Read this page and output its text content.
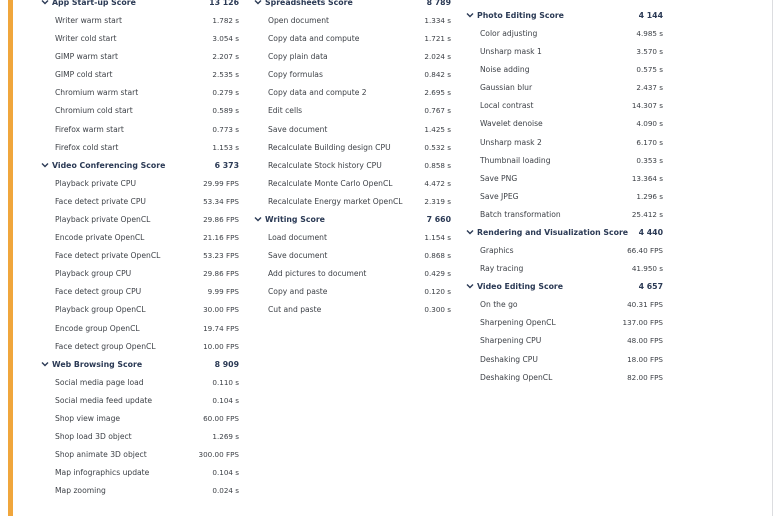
App Start-up Score	13 126
Writer warm start	1.782 s
Writer cold start	3.054 s
GIMP warm start	2.207 s
GIMP cold start	2.535 s
Chromium warm start	0.279 s
Chromium cold start	0.589 s
Firefox warm start	0.773 s
Firefox cold start	1.153 s
Video Conferencing Score	6 373
Playback private CPU	29.99 FPS
Face detect private CPU	53.34 FPS
Playback private OpenCL	29.86 FPS
Encode private OpenCL	21.16 FPS
Face detect private OpenCL	53.23 FPS
Playback group CPU	29.86 FPS
Face detect group CPU	9.99 FPS
Playback group OpenCL	30.00 FPS
Encode group OpenCL	19.74 FPS
Face detect group OpenCL	10.00 FPS
Web Browsing Score	8 909
Social media page load	0.110 s
Social media feed update	0.104 s
Shop view image	60.00 FPS
Shop load 3D object	1.269 s
Shop animate 3D object	300.00 FPS
Map infographics update	0.104 s
Map zooming	0.024 s
Spreadsheets Score	8 789
Open document	1.334 s
Copy data and compute	1.721 s
Copy plain data	2.024 s
Copy formulas	0.842 s
Copy data and compute 2	2.695 s
Edit cells	0.767 s
Save document	1.425 s
Recalculate Building design CPU	0.532 s
Recalculate Stock history CPU	0.858 s
Recalculate Monte Carlo OpenCL	4.472 s
Recalculate Energy market OpenCL	2.319 s
Writing Score	7 660
Load document	1.154 s
Save document	0.868 s
Add pictures to document	0.429 s
Copy and paste	0.120 s
Cut and paste	0.300 s
Photo Editing Score	4 144
Color adjusting	4.985 s
Unsharp mask 1	3.570 s
Noise adding	0.575 s
Gaussian blur	2.437 s
Local contrast	14.307 s
Wavelet denoise	4.090 s
Unsharp mask 2	6.170 s
Thumbnail loading	0.353 s
Save PNG	13.364 s
Save JPEG	1.296 s
Batch transformation	25.412 s
Rendering and Visualization Score 4 440
Graphics	66.40 FPS
Ray tracing	41.950 s
Video Editing Score	4 657
On the go	40.31 FPS
Sharpening OpenCL	137.00 FPS
Sharpening CPU	48.00 FPS
Deshaking CPU	18.00 FPS
Deshaking OpenCL	82.00 FPS
